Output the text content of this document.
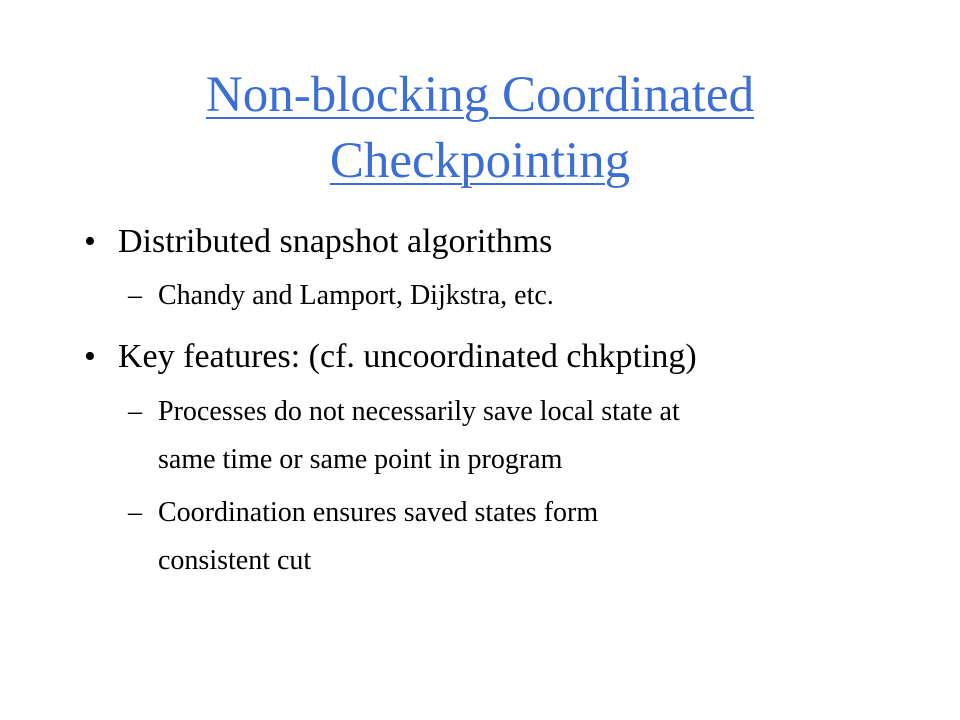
Non-blocking Coordinated
Checkpointing
• Distributed snapshot algorithms
– Chandy and Lamport, Dijkstra, etc.
• Key features: (cf. uncoordinated chkpting)
– Processes do not necessarily save local state at
same time or same point in program
– Coordination ensures saved states form
consistent cut
